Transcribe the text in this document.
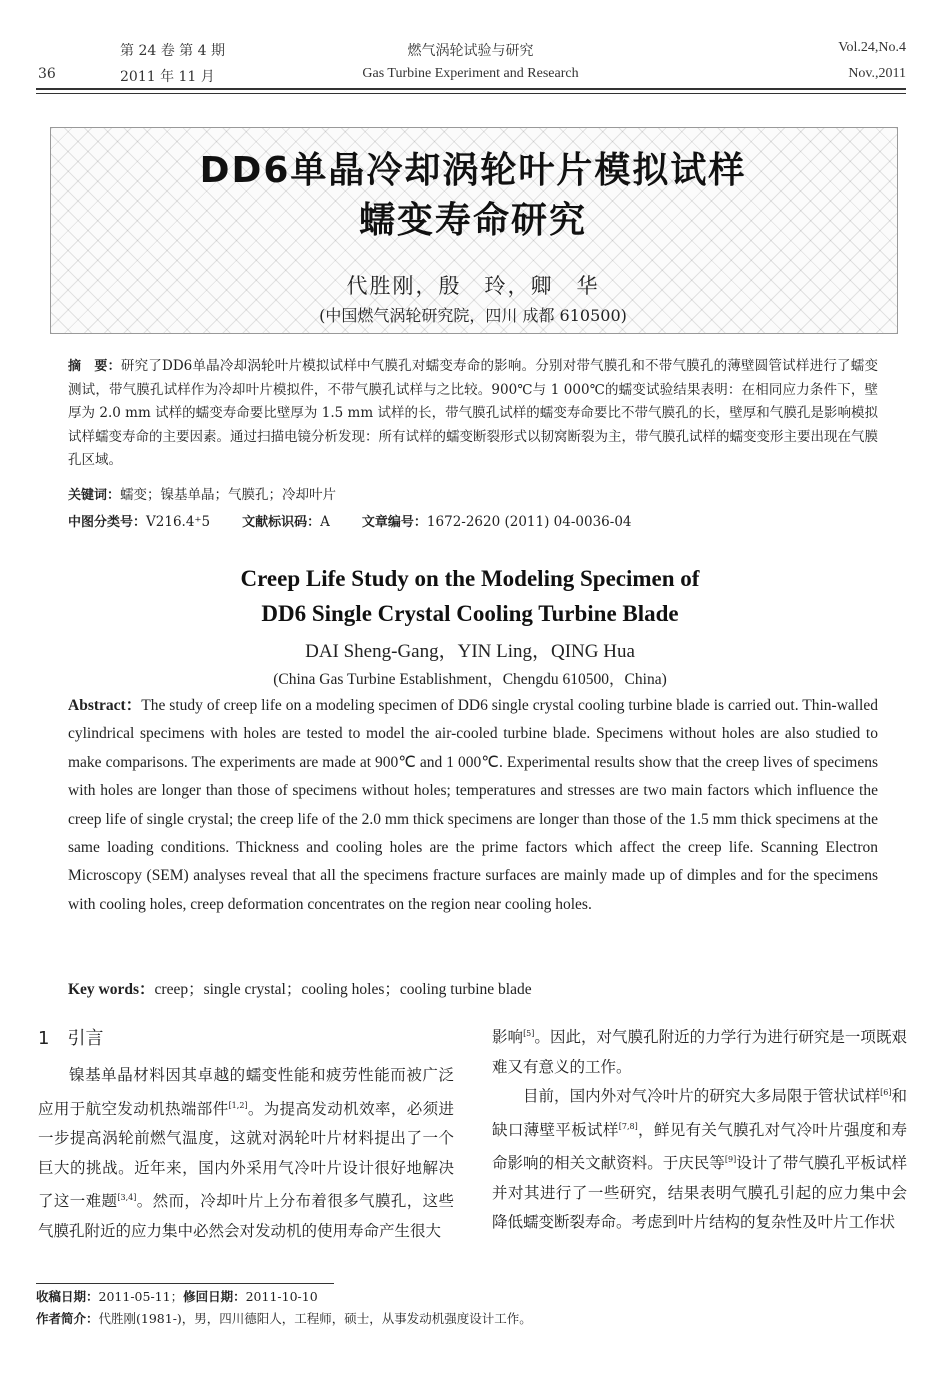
第 24 卷 第 4 期
2011 年 11 月
36
燃气涡轮试验与研究
Gas Turbine Experiment and Research
Vol.24,No.4
Nov.,2011
DD6单晶冷却涡轮叶片模拟试样
蠕变寿命研究
代胜刚，殷　玲，卿　华
(中国燃气涡轮研究院，四川 成都 610500)
摘　要：研究了DD6单晶冷却涡轮叶片模拟试样中气膜孔对蠕变寿命的影响。分别对带气膜孔和不带气膜孔的薄壁圆管试样进行了蠕变测试，带气膜孔试样作为冷却叶片模拟件，不带气膜孔试样与之比较。900℃与 1 000℃的蠕变试验结果表明：在相同应力条件下，壁厚为 2.0 mm 试样的蠕变寿命要比壁厚为 1.5 mm 试样的长，带气膜孔试样的蠕变寿命要比不带气膜孔的长，壁厚和气膜孔是影响模拟试样蠕变寿命的主要因素。通过扫描电镜分析发现：所有试样的蠕变断裂形式以韧窝断裂为主，带气膜孔试样的蠕变变形主要出现在气膜孔区域。
关键词：蠕变；镍基单晶；气膜孔；冷却叶片
中图分类号：V216.4⁺5 文献标识码：A 文章编号：1672-2620 (2011) 04-0036-04
Creep Life Study on the Modeling Specimen of
DD6 Single Crystal Cooling Turbine Blade
DAI Sheng-Gang，YIN Ling，QING Hua
(China Gas Turbine Establishment，Chengdu 610500，China)
Abstract：The study of creep life on a modeling specimen of DD6 single crystal cooling turbine blade is carried out. Thin-walled cylindrical specimens with holes are tested to model the air-cooled turbine blade. Specimens without holes are also studied to make comparisons. The experiments are made at 900℃ and 1 000℃. Experimental results show that the creep lives of specimens with holes are longer than those of specimens without holes; temperatures and stresses are two main factors which influence the creep life of single crystal; the creep life of the 2.0 mm thick specimens are longer than those of the 1.5 mm thick specimens at the same loading conditions. Thickness and cooling holes are the prime factors which affect the creep life. Scanning Electron Microscopy (SEM) analyses reveal that all the specimens fracture surfaces are mainly made up of dimples and for the specimens with cooling holes, creep deformation concentrates on the region near cooling holes.
Key words：creep；single crystal；cooling holes；cooling turbine blade
1　引言
镍基单晶材料因其卓越的蠕变性能和疲劳性能而被广泛应用于航空发动机热端部件[1,2]。为提高发动机效率，必须进一步提高涡轮前燃气温度，这就对涡轮叶片材料提出了一个巨大的挑战。近年来，国内外采用气冷叶片设计很好地解决了这一难题[3,4]。然而，冷却叶片上分布着很多气膜孔，这些气膜孔附近的应力集中必然会对发动机的使用寿命产生很大
影响[5]。因此，对气膜孔附近的力学行为进行研究是一项既艰难又有意义的工作。
目前，国内外对气冷叶片的研究大多局限于管状试样[6]和缺口薄壁平板试样[7,8]，鲜见有关气膜孔对气冷叶片强度和寿命影响的相关文献资料。于庆民等[9]设计了带气膜孔平板试样并对其进行了一些研究，结果表明气膜孔引起的应力集中会降低蠕变断裂寿命。考虑到叶片结构的复杂性及叶片工作状
收稿日期：2011-05-11；修回日期：2011-10-10
作者简介：代胜刚(1981-)，男，四川德阳人，工程师，硕士，从事发动机强度设计工作。
